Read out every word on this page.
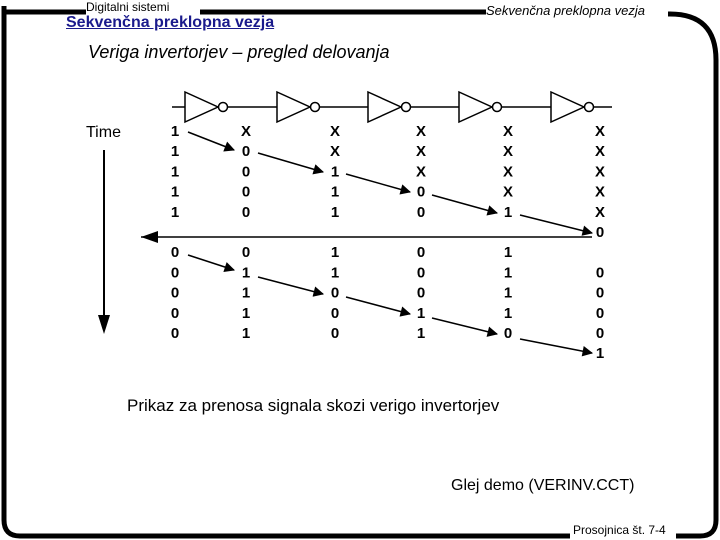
Digitalni sistemi	Sekvenčna preklopna vezja
Sekvenčna preklopna vezja
Veriga invertorjev – pregled delovanja
Time	1
1
1
1
1
0
0
0
0
0
X
0
0
0
0
0
1
1
1
1
X
X
1
1
1
1
1
0
0
0
X
X
X
0
0
0
0
0
1
1
X
X
X
X
1
1
1
1
1
0
X
X
X
X
X
0
0
0
0
0
1
Prikaz za prenosa signala skozi verigo invertorjev
Glej demo (VERINV.CCT)
Prosojnica št. 7-4
